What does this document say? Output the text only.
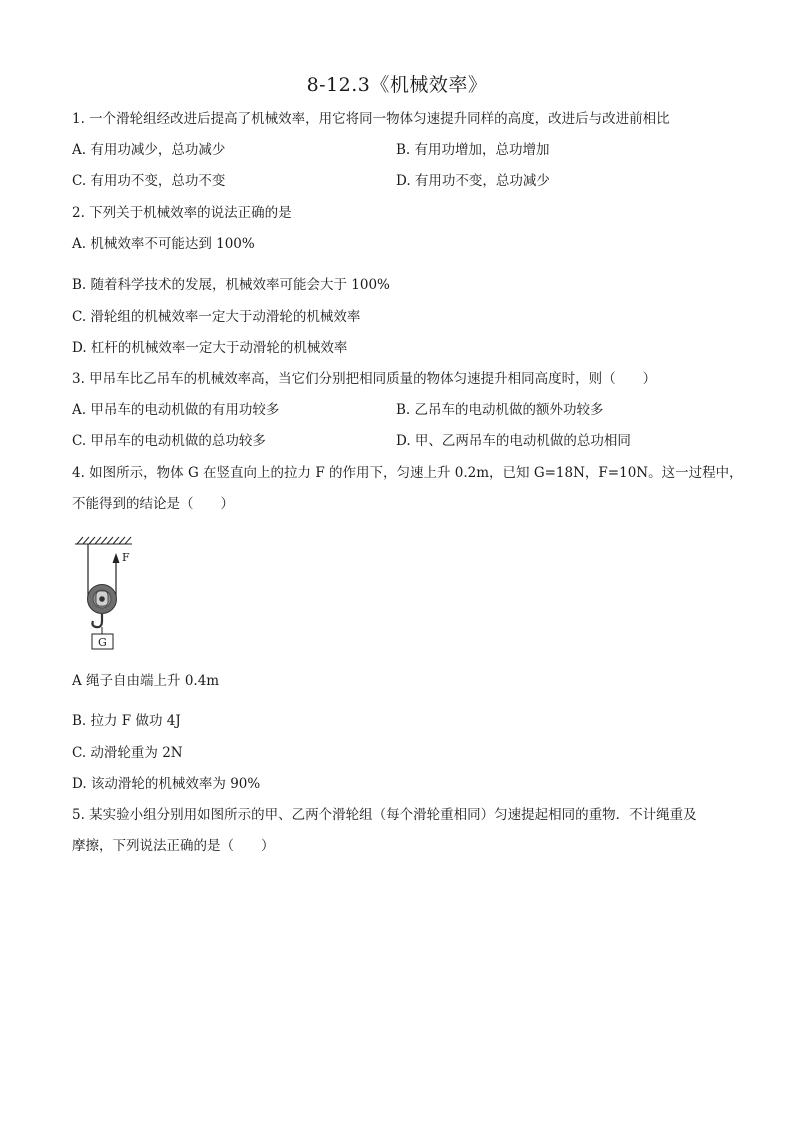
8-12.3《机械效率》
1. 一个滑轮组经改进后提高了机械效率，用它将同一物体匀速提升同样的高度，改进后与改进前相比
A. 有用功减少，总功减少	B. 有用功增加，总功增加
C. 有用功不变，总功不变	D. 有用功不变，总功减少
2. 下列关于机械效率的说法正确的是
A. 机械效率不可能达到 100%
B. 随着科学技术的发展，机械效率可能会大于 100%
C. 滑轮组的机械效率一定大于动滑轮的机械效率
D. 杠杆的机械效率一定大于动滑轮的机械效率
3. 甲吊车比乙吊车的机械效率高，当它们分别把相同质量的物体匀速提升相同高度时，则（　　）
A. 甲吊车的电动机做的有用功较多	B. 乙吊车的电动机做的额外功较多
C. 甲吊车的电动机做的总功较多	D. 甲、乙两吊车的电动机做的总功相同
4. 如图所示，物体 G 在竖直向上的拉力 F 的作用下，匀速上升 0.2m，已知 G=18N，F=10N。这一过程中，
不能得到的结论是（　　）
F
G
A 绳子自由端上升 0.4m
B. 拉力 F 做功 4J
C. 动滑轮重为 2N
D. 该动滑轮的机械效率为 90%
5. 某实验小组分别用如图所示的甲、乙两个滑轮组（每个滑轮重相同）匀速提起相同的重物．不计绳重及
摩擦，下列说法正确的是（　　）
